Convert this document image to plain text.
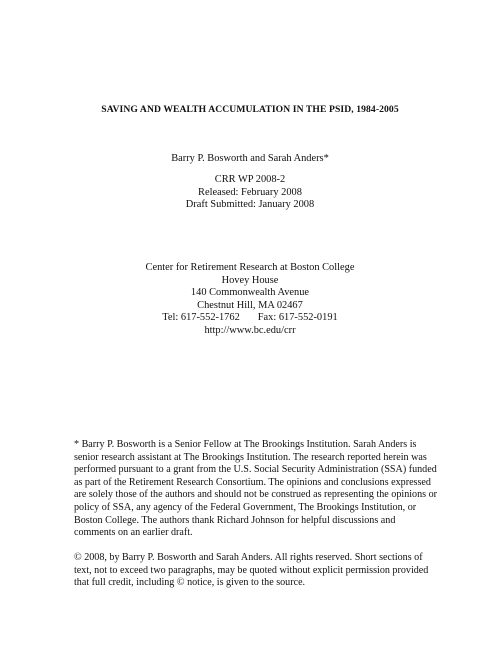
SAVING AND WEALTH ACCUMULATION IN THE PSID, 1984-2005
Barry P. Bosworth and Sarah Anders*
CRR WP 2008-2
Released: February 2008
Draft Submitted: January 2008
Center for Retirement Research at Boston College
Hovey House
140 Commonwealth Avenue
Chestnut Hill, MA 02467
Tel: 617-552-1762 Fax: 617-552-0191
http://www.bc.edu/crr
* Barry P. Bosworth is a Senior Fellow at The Brookings Institution. Sarah Anders is
senior research assistant at The Brookings Institution. The research reported herein was
performed pursuant to a grant from the U.S. Social Security Administration (SSA) funded
as part of the Retirement Research Consortium. The opinions and conclusions expressed
are solely those of the authors and should not be construed as representing the opinions or
policy of SSA, any agency of the Federal Government, The Brookings Institution, or
Boston College. The authors thank Richard Johnson for helpful discussions and
comments on an earlier draft.
© 2008, by Barry P. Bosworth and Sarah Anders. All rights reserved. Short sections of
text, not to exceed two paragraphs, may be quoted without explicit permission provided
that full credit, including © notice, is given to the source.
